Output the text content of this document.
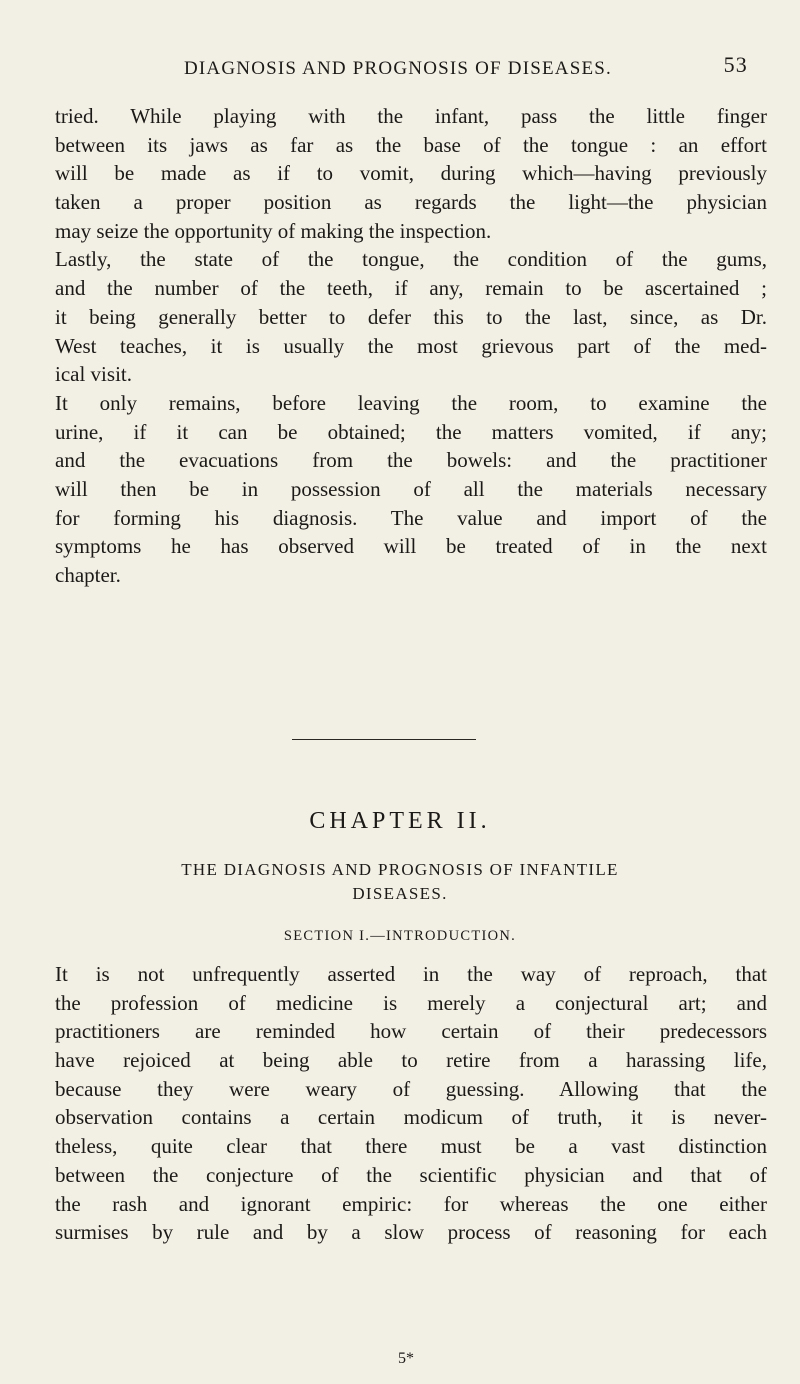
DIAGNOSIS AND PROGNOSIS OF DISEASES.	53
tried. While playing with the infant, pass the little finger
between its jaws as far as the base of the tongue : an effort
will be made as if to vomit, during which—having previously
taken a proper position as regards the light—the physician
may seize the opportunity of making the inspection.
Lastly, the state of the tongue, the condition of the gums,
and the number of the teeth, if any, remain to be ascertained ;
it being generally better to defer this to the last, since, as Dr.
West teaches, it is usually the most grievous part of the med-
ical visit.
It only remains, before leaving the room, to examine the
urine, if it can be obtained; the matters vomited, if any;
and the evacuations from the bowels: and the practitioner
will then be in possession of all the materials necessary
for forming his diagnosis. The value and import of the
symptoms he has observed will be treated of in the next
chapter.
CHAPTER II.
THE DIAGNOSIS AND PROGNOSIS OF INFANTILE
DISEASES.
SECTION I.—INTRODUCTION.
It is not unfrequently asserted in the way of reproach, that
the profession of medicine is merely a conjectural art; and
practitioners are reminded how certain of their predecessors
have rejoiced at being able to retire from a harassing life,
because they were weary of guessing. Allowing that the
observation contains a certain modicum of truth, it is never-
theless, quite clear that there must be a vast distinction
between the conjecture of the scientific physician and that of
the rash and ignorant empiric: for whereas the one either
surmises by rule and by a slow process of reasoning for each
5*
